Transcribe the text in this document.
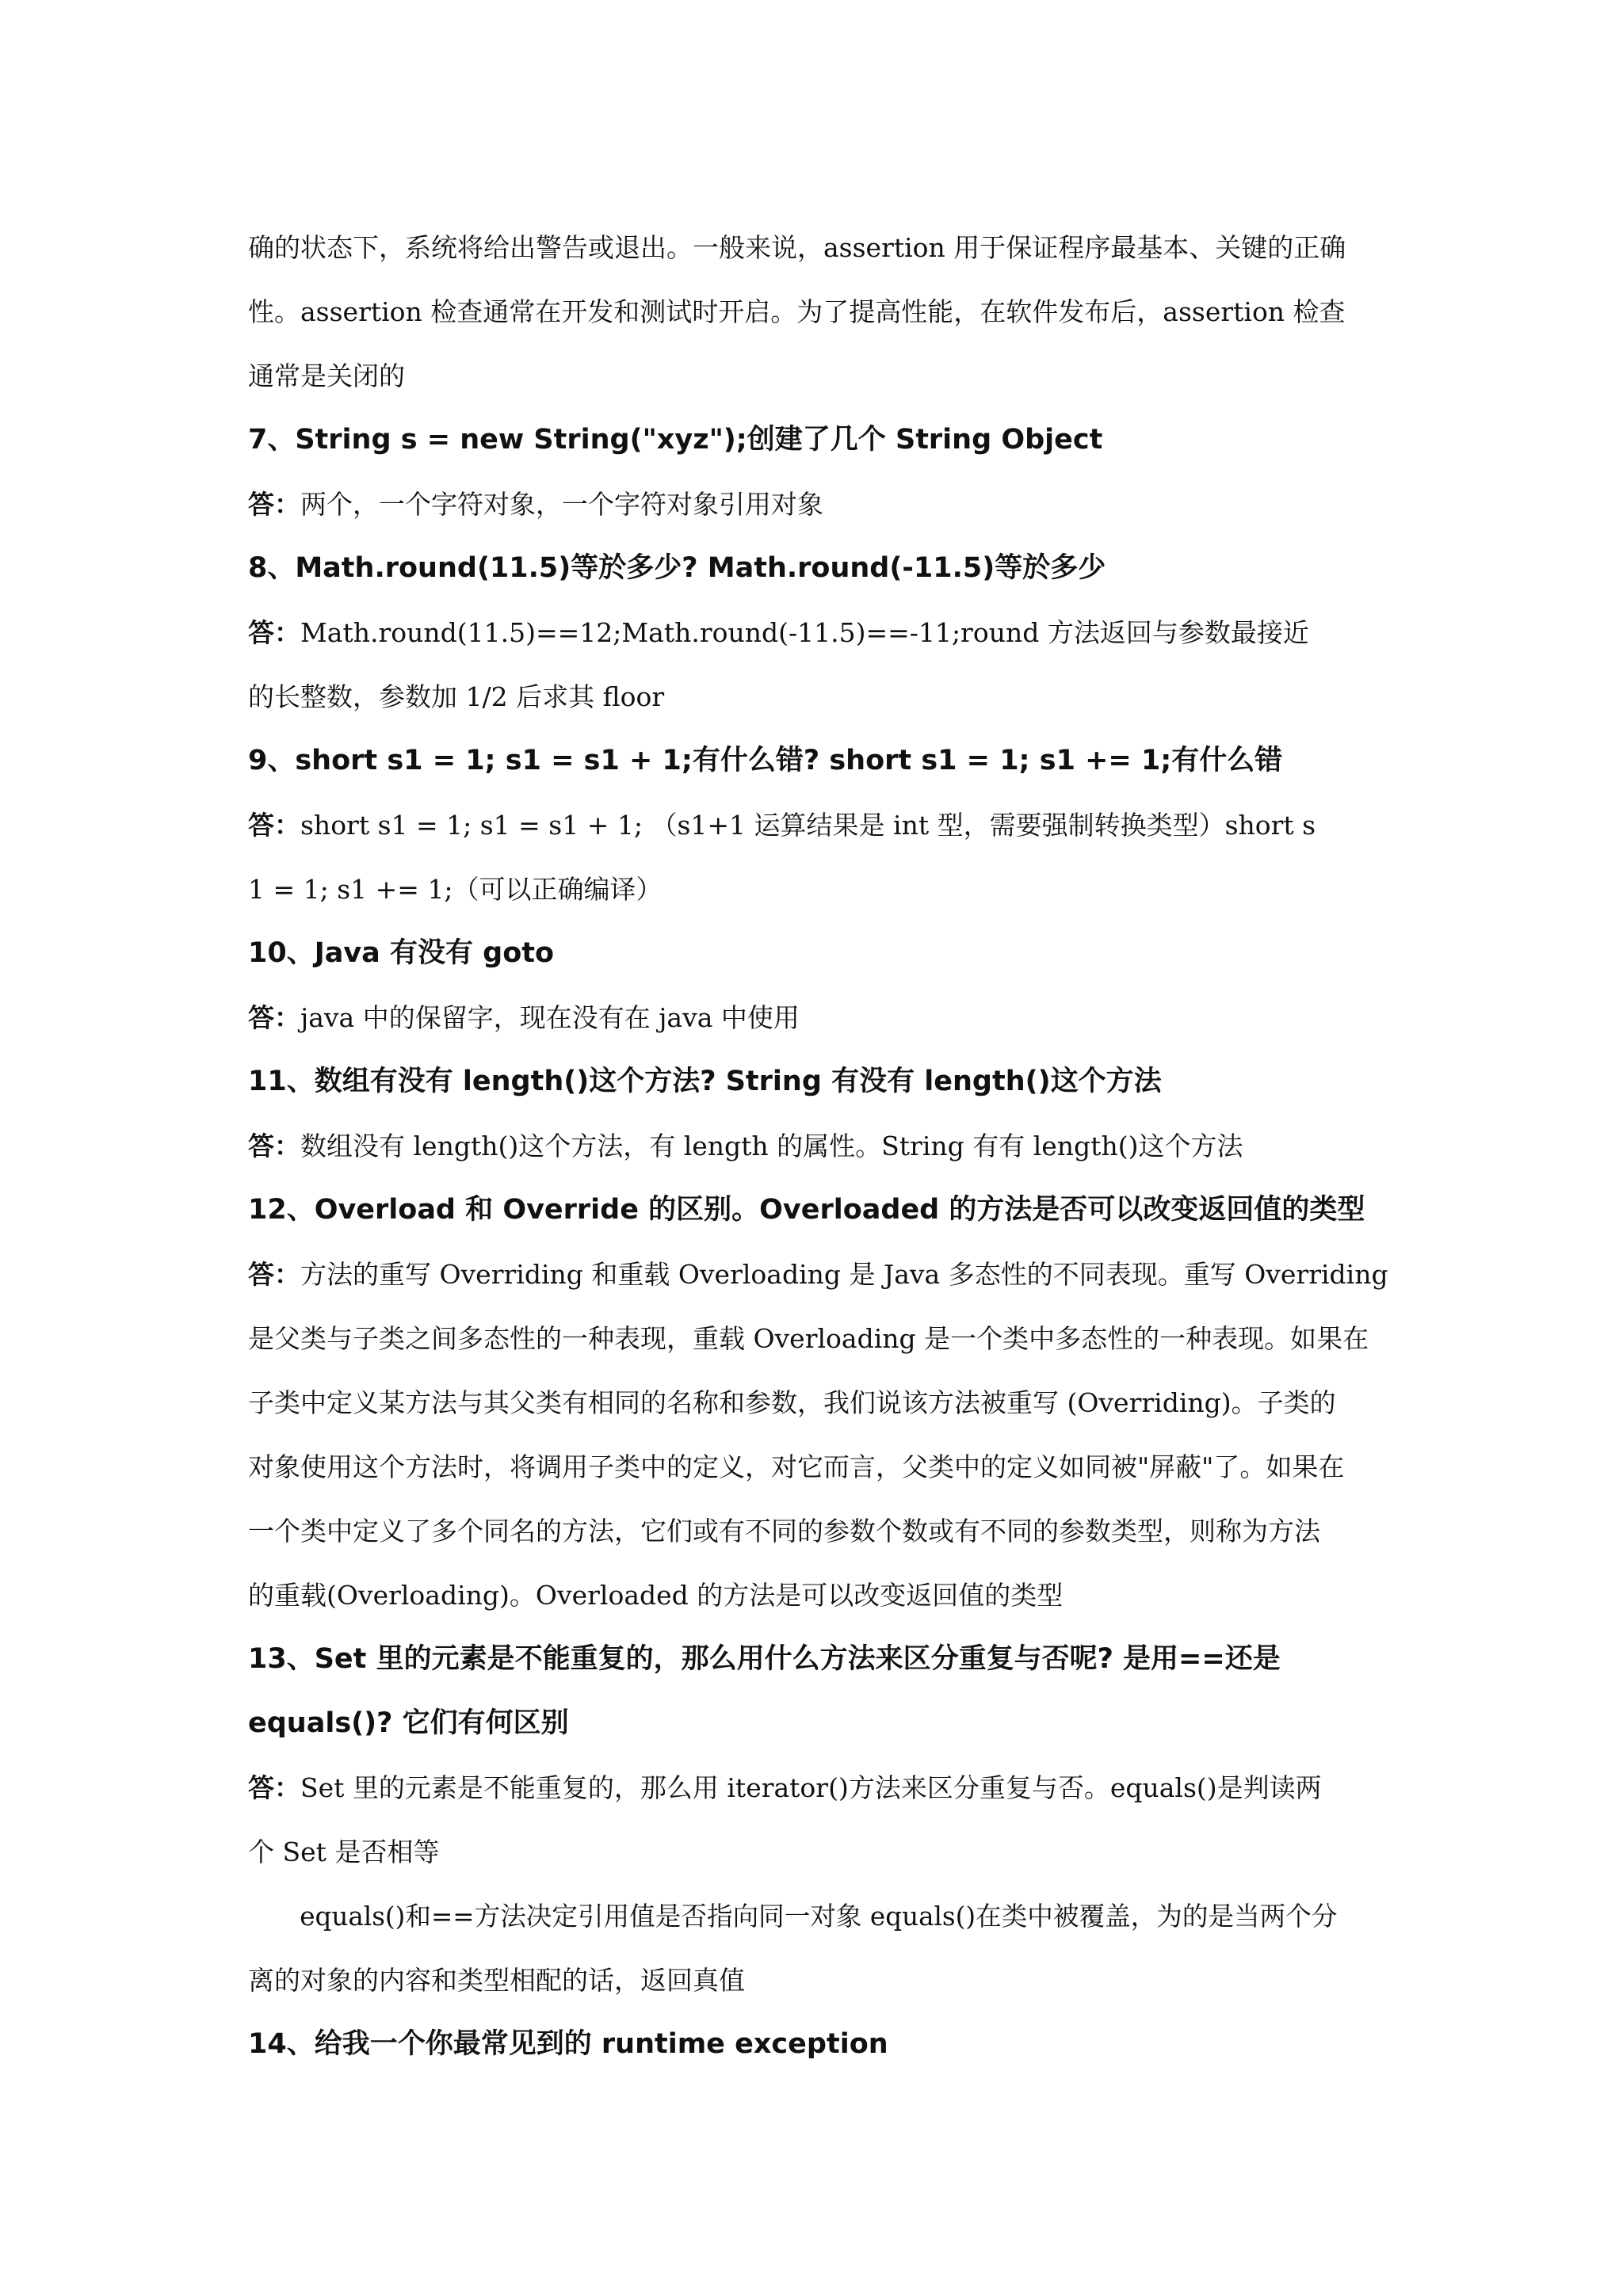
确的状态下，系统将给出警告或退出。一般来说，assertion 用于保证程序最基本、关键的正确
性。assertion 检查通常在开发和测试时开启。为了提高性能，在软件发布后，assertion 检查
通常是关闭的
7、String s = new String("xyz");创建了几个 String Object
答：两个，一个字符对象，一个字符对象引用对象
8、Math.round(11.5)等於多少? Math.round(-11.5)等於多少
答：Math.round(11.5)==12;Math.round(-11.5)==-11;round 方法返回与参数最接近
的长整数，参数加 1/2 后求其 floor
9、short s1 = 1; s1 = s1 + 1;有什么错? short s1 = 1; s1 += 1;有什么错
答：short s1 = 1; s1 = s1 + 1; （s1+1 运算结果是 int 型，需要强制转换类型）short s
1 = 1; s1 += 1;（可以正确编译）
10、Java 有没有 goto
答：java 中的保留字，现在没有在 java 中使用
11、数组有没有 length()这个方法? String 有没有 length()这个方法
答：数组没有 length()这个方法，有 length 的属性。String 有有 length()这个方法
12、Overload 和 Override 的区别。Overloaded 的方法是否可以改变返回值的类型
答：方法的重写 Overriding 和重载 Overloading 是 Java 多态性的不同表现。重写 Overriding
是父类与子类之间多态性的一种表现，重载 Overloading 是一个类中多态性的一种表现。如果在
子类中定义某方法与其父类有相同的名称和参数，我们说该方法被重写 (Overriding)。子类的
对象使用这个方法时，将调用子类中的定义，对它而言，父类中的定义如同被"屏蔽"了。如果在
一个类中定义了多个同名的方法，它们或有不同的参数个数或有不同的参数类型，则称为方法
的重载(Overloading)。Overloaded 的方法是可以改变返回值的类型
13、Set 里的元素是不能重复的，那么用什么方法来区分重复与否呢? 是用==还是
equals()? 它们有何区别
答：Set 里的元素是不能重复的，那么用 iterator()方法来区分重复与否。equals()是判读两
个 Set 是否相等
equals()和==方法决定引用值是否指向同一对象 equals()在类中被覆盖，为的是当两个分
离的对象的内容和类型相配的话，返回真值
14、给我一个你最常见到的 runtime exception
